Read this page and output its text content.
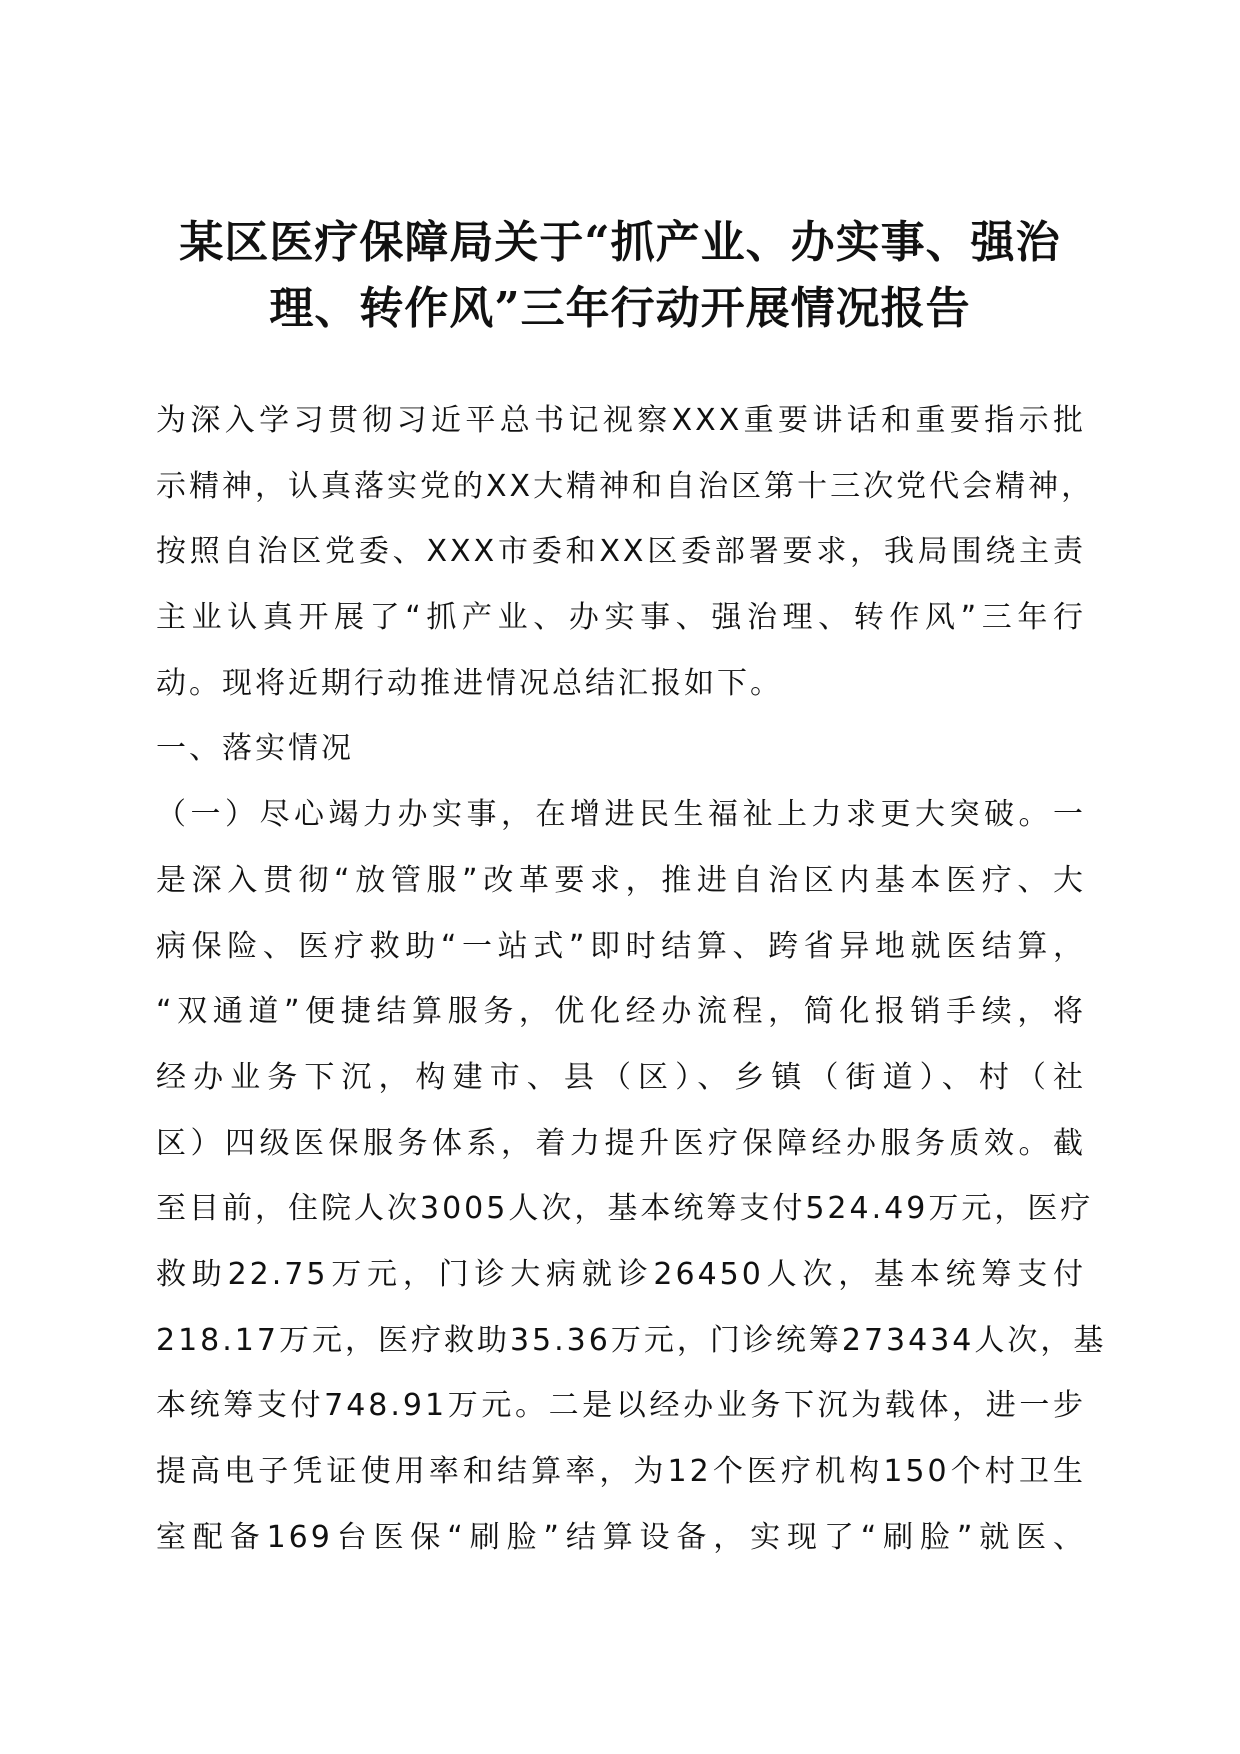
某区医疗保障局关于“抓产业、办实事、强治
理、转作风”三年行动开展情况报告
为深入学习贯彻习近平总书记视察XXX重要讲话和重要指示批
示精神，认真落实党的XX大精神和自治区第十三次党代会精神，
按照自治区党委、XXX市委和XX区委部署要求，我局围绕主责
主业认真开展了“抓产业、办实事、强治理、转作风”三年行
动。现将近期行动推进情况总结汇报如下。
一、落实情况
（一）尽心竭力办实事，在增进民生福祉上力求更大突破。一
是深入贯彻“放管服”改革要求，推进自治区内基本医疗、大
病保险、医疗救助“一站式”即时结算、跨省异地就医结算，
“双通道”便捷结算服务，优化经办流程，简化报销手续，将
经办业务下沉，构建市、县（区）、乡镇（街道）、村（社
区）四级医保服务体系，着力提升医疗保障经办服务质效。截
至目前，住院人次3005人次，基本统筹支付524.49万元，医疗
救助22.75万元，门诊大病就诊26450人次，基本统筹支付
218.17万元，医疗救助35.36万元，门诊统筹273434人次，基
本统筹支付748.91万元。二是以经办业务下沉为载体，进一步
提高电子凭证使用率和结算率，为12个医疗机构150个村卫生
室配备169台医保“刷脸”结算设备，实现了“刷脸”就医、
